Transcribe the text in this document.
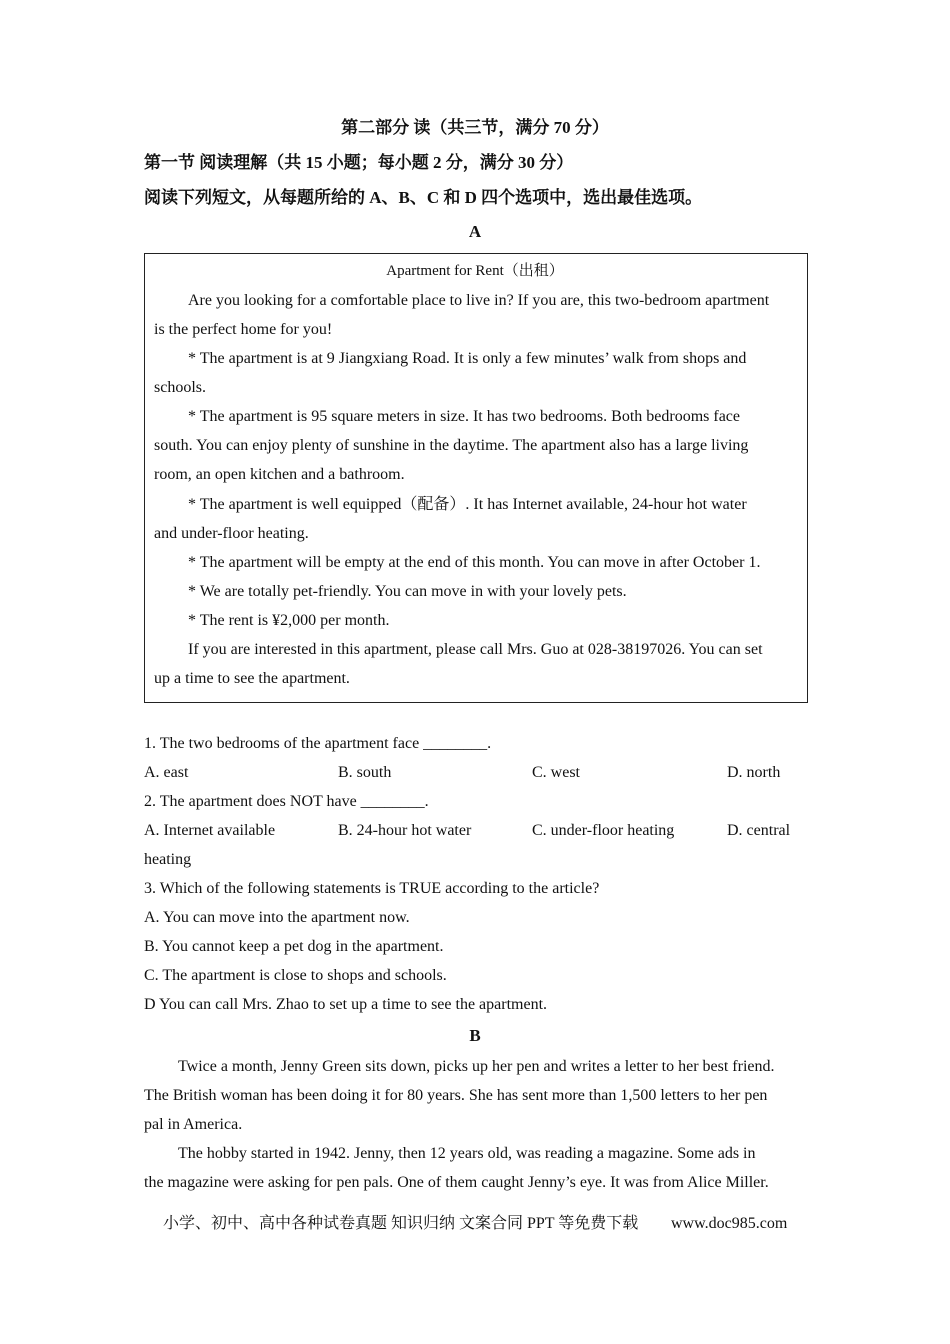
第二部分 读（共三节，满分 70 分）
第一节 阅读理解（共 15 小题；每小题 2 分，满分 30 分）
阅读下列短文，从每题所给的 A、B、C 和 D 四个选项中，选出最佳选项。
A
Apartment for Rent（出租）
Are you looking for a comfortable place to live in? If you are, this two-bedroom apartment
is the perfect home for you!
* The apartment is at 9 Jiangxiang Road. It is only a few minutes’ walk from shops and
schools.
* The apartment is 95 square meters in size. It has two bedrooms. Both bedrooms face
south. You can enjoy plenty of sunshine in the daytime. The apartment also has a large living
room, an open kitchen and a bathroom.
* The apartment is well equipped（配备）. It has Internet available, 24-hour hot water
and under-floor heating.
* The apartment will be empty at the end of this month. You can move in after October 1.
* We are totally pet-friendly. You can move in with your lovely pets.
* The rent is ¥2,000 per month.
If you are interested in this apartment, please call Mrs. Guo at 028-38197026. You can set
up a time to see the apartment.
1. The two bedrooms of the apartment face ________.
A. east	B. south	C. west	D. north
2. The apartment does NOT have ________.
A. Internet available	B. 24-hour hot water	C. under-floor heating	D. central
heating
3. Which of the following statements is TRUE according to the article?
A. You can move into the apartment now.
B. You cannot keep a pet dog in the apartment.
C. The apartment is close to shops and schools.
D You can call Mrs. Zhao to set up a time to see the apartment.
B
Twice a month, Jenny Green sits down, picks up her pen and writes a letter to her best friend.
The British woman has been doing it for 80 years. She has sent more than 1,500 letters to her pen
pal in America.
The hobby started in 1942. Jenny, then 12 years old, was reading a magazine. Some ads in
the magazine were asking for pen pals. One of them caught Jenny’s eye. It was from Alice Miller.
小学、初中、高中各种试卷真题 知识归纳 文案合同 PPT 等免费下载 www.doc985.com
